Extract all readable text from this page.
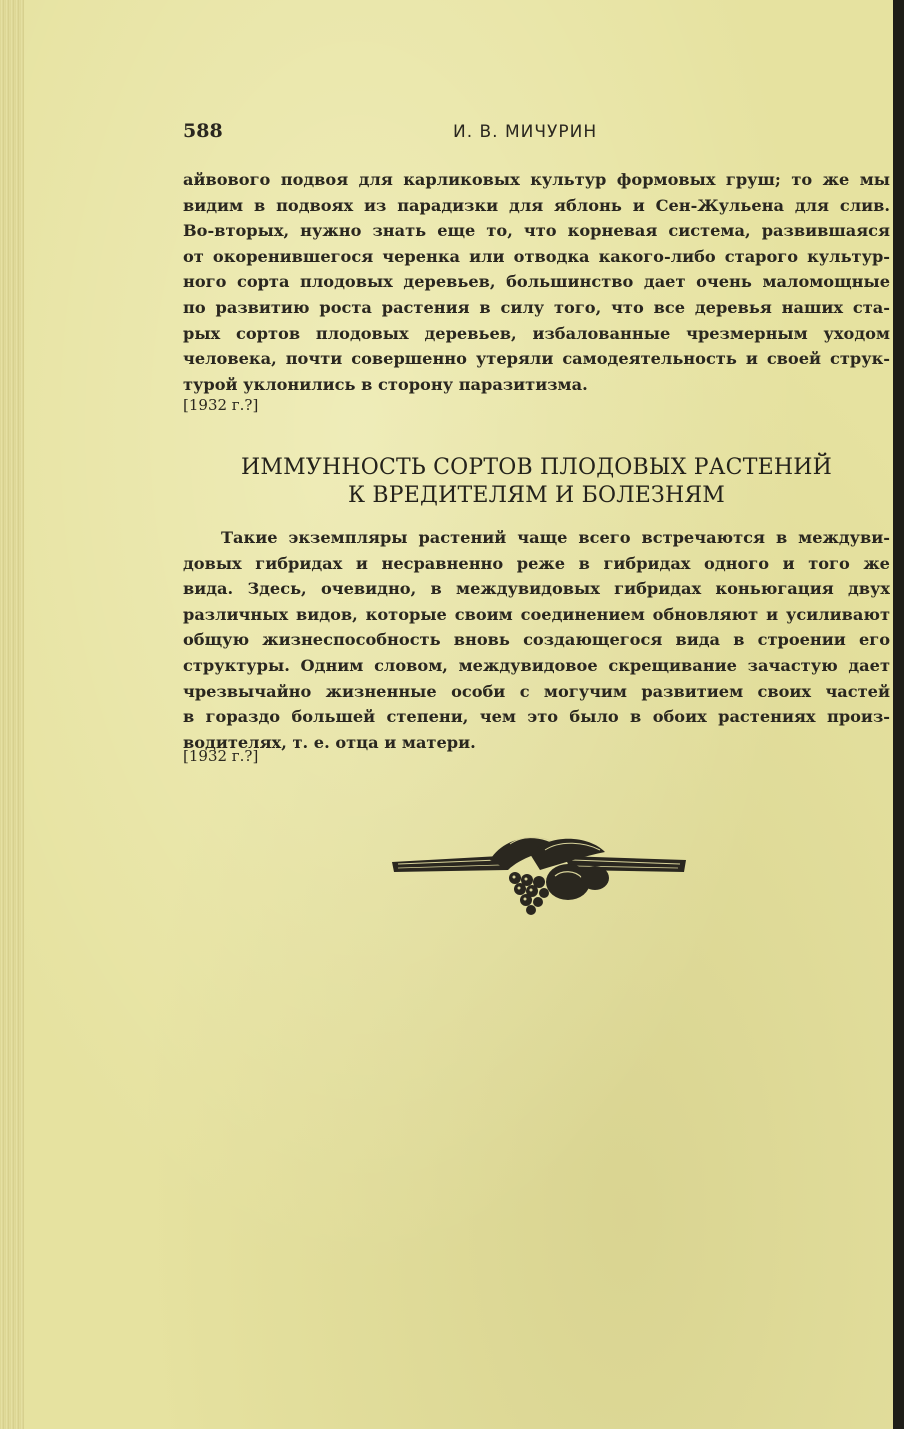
588	И. В. МИЧУРИН
айвового подвоя для карликовых культур формовых груш; то же мы
видим в подвоях из парадизки для яблонь и Сен-Жульена для слив.
Во-вторых, нужно знать еще то, что корневая система, развившаяся
от окоренившегося черенка или отводка какого-либо старого культур-
ного сорта плодовых деревьев, большинство дает очень маломощные
по развитию роста растения в силу того, что все деревья наших ста-
рых сортов плодовых деревьев, избалованные чрезмерным уходом
человека, почти совершенно утеряли самодеятельность и своей струк-
турой уклонились в сторону паразитизма.
[1932 г.?]
ИММУННОСТЬ СОРТОВ ПЛОДОВЫХ РАСТЕНИЙ
К ВРЕДИТЕЛЯМ И БОЛЕЗНЯМ
Такие экземпляры растений чаще всего встречаются в междуви-
довых гибридах и несравненно реже в гибридах одного и того же
вида. Здесь, очевидно, в междувидовых гибридах коньюгация двух
различных видов, которые своим соединением обновляют и усиливают
общую жизнеспособность вновь создающегося вида в строении его
структуры. Одним словом, междувидовое скрещивание зачастую дает
чрезвычайно жизненные особи с могучим развитием своих частей
в гораздо большей степени, чем это было в обоих растениях произ-
водителях, т. е. отца и матери.
[1932 г.?]
